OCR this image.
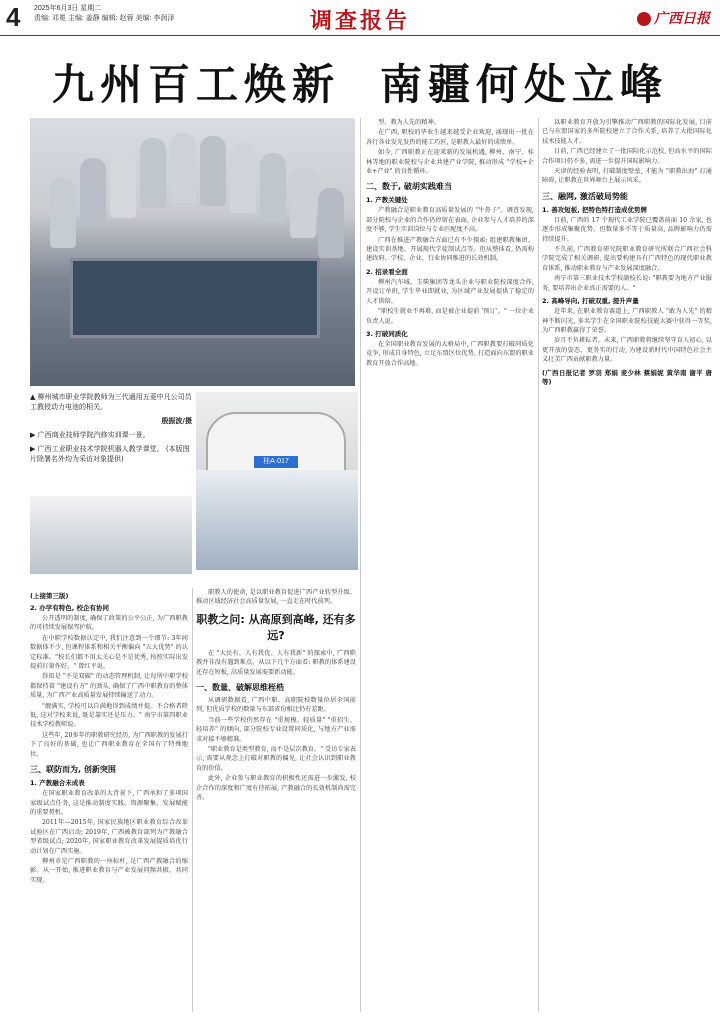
4 2025年6月3日 星期二
责编: 邓冕 主编: 姜静 编辑: 赵蓉 美编: 李润泽	调查报告	广西日报
九州百工焕新 南疆何处立峰
桂A·017

▲ 柳州城市职业学院教师为三代通用五菱中凡公司员工教授动力电池的相关。

殷振波/摄

▶ 广西商业技师学院汽修实训课一景。

▶ 广西工业职业技术学院机器人教学课堂。 (本版图片除署名外均为采访对象提供)

(上接第三版)

2. 办学有特色, 校企有协同

公开透明的制度, 确保了政策的公平公正, 为广西职教的可持续发展保驾护航。

在中职学校数据认定中, 我们注意到一个细节: 3年间数据体不少, 但课程体系和相关平衡偏向 "五大优势" 的认定标准。"校长们都不用太关心是不是优秀, 按照实际出发提前打量作好。" 曾红平说。

得知是 "不是双碳" 的动态管理机制, 让每所中职学校都保持着 "建设有方" 的劲头, 确保了广西中职教育的整体质量, 为广西产业高质量发展持续输送了动力。

"靓满实, 学校可以自满地得到成绩并提。不合格者降低, 这对学校来说, 既是靠实还是压力。" 南宁市第四职业技术学校教师说。

这些年, 20多年的职教研究经历, 为广西职教的发展打下了良好的基础, 也让广西职业教育在全国有了特殊地位。

三、联防而为, 创新突围

1. 产教融合未成表

在国家职业教育改革的大背景下, 广西承担了多项国家级试点任务, 这是推动制度实践、资源聚集、发展赋能的重要契机。

2011年—2015年, 国家民族地区职业教育综合改革试验区在广西启动; 2019年, 广西被教育部列为产教融合型省级试点; 2020年, 国家职业教育改革发展提质培优行动计划在广西实施。

柳州市是广西职教的一座标杆, 是广西产教融合的缩影。从一开始, 推进职业教育与产业发展同频共振、共同实现。

职教人的使命, 是以职业教育促进广西产业转型升级、推动区域经济社会高质量发展, 一直走在时代前列。

职教之问: 从高原到高峰, 还有多远?

在 "大民有、人有我优、人有我新" 的探索中, 广西职教并非没有遇到难点。从以下几个方面看: 职教的体系建设还存在短板, 高质量发展需要新动能。

一、数量、破解思维桎梏

从调研数据看, 广西中职、高职院校数量位居全国前列, 但优质学校的数量与东部省份相比仍有差距。

当前一些学校仍然存在 "重规模、轻质量" "重招生、轻培养" 的倾向, 部分院校专业设置同质化, 与地方产业需求对接不够精准。

"职业教育是类型教育, 而不是层次教育。" 受访专家表示, 需要从观念上打破对职教的偏见, 让社会认识到职业教育的价值。

此外, 企业参与职业教育的积极性还需进一步激发, 校企合作的深度和广度有待拓展, 产教融合的长效机制尚需完善。

型、教为人先的精神。

在广西, 职校的毕业生越来越受企业欢迎, 涌现出一批在各行各业发光发热的能工巧匠, 是职教人最好的成绩单。

如今, 广西职教正在迎来新的发展机遇, 柳州、南宁、桂林等地的职业院校与企业共建产业学院, 推动形成 "学校+企业+产业" 的良性循环。

二、数于, 破胡实践难当

1. 产教关键处

产教融合是职业教育高质量发展的 "牛鼻子"。调查发现, 部分院校与企业的合作仍停留在表面, 企业参与人才培养的深度不够, 学生实训岗位与专业匹配度不高。

广西在推进产教融合方面已有不少探索: 组建职教集团、建设实训基地、开展现代学徒制试点等。但从整体看, 仍需构建政府、学校、企业、行业协同推进的长效机制。

2. 招录看全面

柳州汽车城、玉柴集团等龙头企业与职业院校深度合作, 开设订单班, 学生毕业即就业, 为区域产业发展提供了稳定的人才供给。

"职校生就业不再难, 而是被企业提前 '预订'。" 一位企业负责人说。

3. 打破同质化

在全国职业教育发展的大格局中, 广西职教要打破同质化竞争, 形成自身特色, 立足东盟区位优势, 打造面向东盟的职业教育开放合作高地。

以职业教育开放为引擎推动广西职教的国际化发展, 目前已与东盟国家的多所院校建立了合作关系, 培养了大批国际化技术技能人才。

目前, 广西已经建立了一批国际化示范校, 但高水平的国际合作项目仍不多, 需进一步提升国际影响力。

天津的经验表明, 打破制度壁垒, 才能为 "职教出海" 打通障碍, 让职教在世界舞台上展示风采。

三、融网, 激活破局势能

1. 善攻短板, 把特色特打造成优势牌

目前, 广西的 17 个现代工业学院已覆盖前面 10 余家, 也逐步形成集聚优势。但数量多不等于质量高, 品牌影响力仍需持续提升。

不久前, 广西教育研究院职业教育研究所联合广西社会科学院完成了相关调研, 提出要构建具有广西特色的现代职业教育体系, 推动职业教育与产业发展深度融合。

南宁市第三职业技术学校副校长说: "职教要为地方产业服务, 要培养出企业真正需要的人。"

2. 高峰导向, 打破双重, 提升声量

近年来, 在职业教育赛道上, 广西职教人 "敢为人先" 的精神不断闪光, 多名学生在全国职业院校技能大赛中获得一等奖, 为广西职教赢得了荣誉。

岁月不负耕耘者。未来, 广西职教将继续坚守育人初心, 以更开放的姿态、更务实的行动, 为建设新时代中国特色社会主义壮美广西贡献职教力量。

(广西日报记者 罗羽 郑娟 麦少林 蔡娟妮 黄华南 谢平 唐 等)
